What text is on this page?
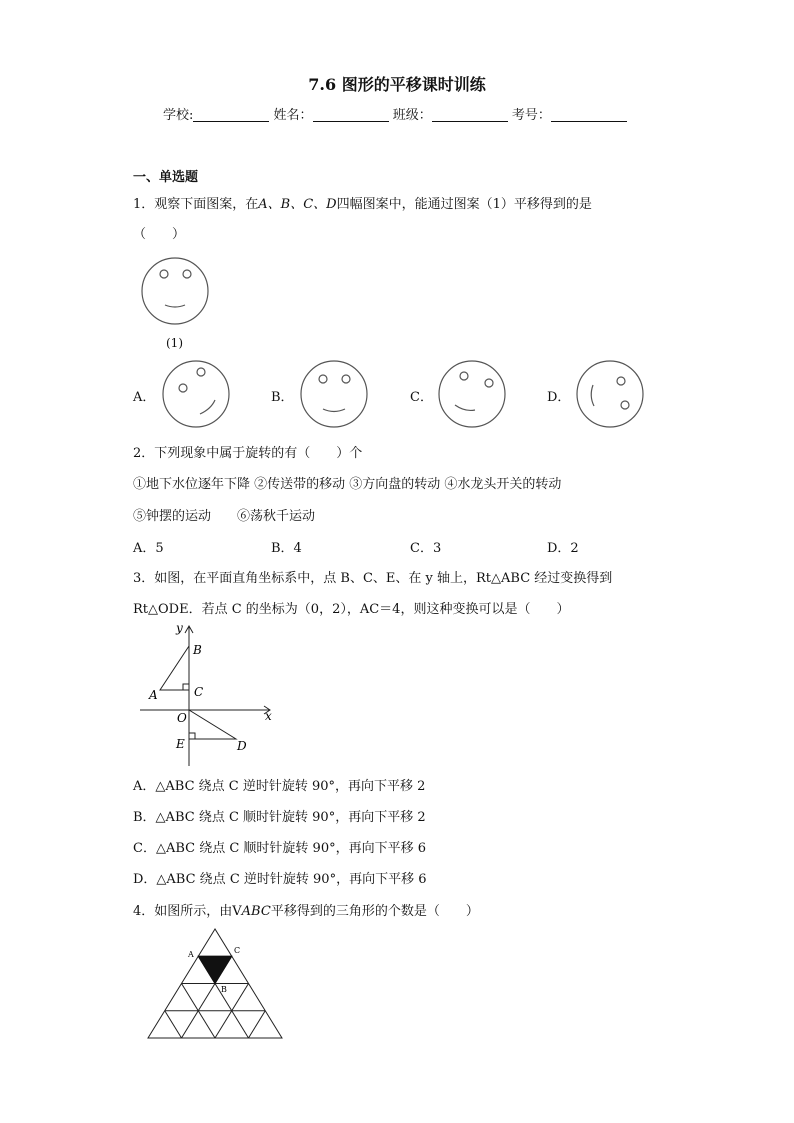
7.6 图形的平移课时训练
学校:	姓名：	班级：	考号：
一、单选题
1．观察下面图案，在A、B、C、D四幅图案中，能通过图案（1）平移得到的是
（　　）
(1)
A．	B．	C．	D．
2．下列现象中属于旋转的有（　　）个
①地下水位逐年下降 ②传送带的移动 ③方向盘的转动 ④水龙头开关的转动
⑤钟摆的运动　　⑥荡秋千运动
A．5	B．4	C．3	D．2
3．如图，在平面直角坐标系中，点 B、C、E、在 y 轴上，Rt△ABC 经过变换得到
Rt△ODE．若点 C 的坐标为（0，2），AC＝4，则这种变换可以是（　　）
y
x
B
A	C
O
E	D
A．△ABC 绕点 C 逆时针旋转 90°，再向下平移 2
B．△ABC 绕点 C 顺时针旋转 90°，再向下平移 2
C．△ABC 绕点 C 顺时针旋转 90°，再向下平移 6
D．△ABC 绕点 C 逆时针旋转 90°，再向下平移 6
4．如图所示，由VABC平移得到的三角形的个数是（　　）
A	C
B
